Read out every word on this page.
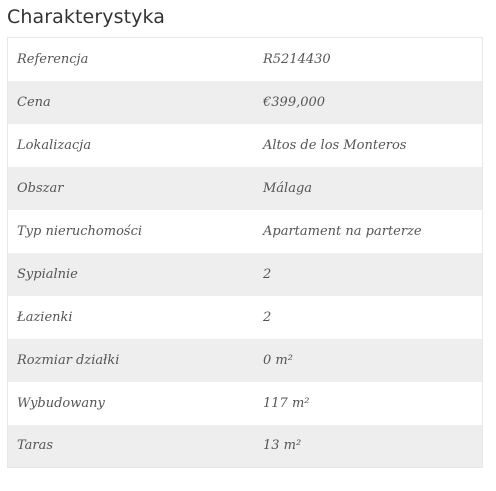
Charakterystyka
Referencja	R5214430
Cena	€399,000
Lokalizacja	Altos de los Monteros
Obszar	Málaga
Typ nieruchomości	Apartament na parterze
Sypialnie	2
Łazienki	2
Rozmiar działki	0 m²
Wybudowany	117 m²
Taras	13 m²
